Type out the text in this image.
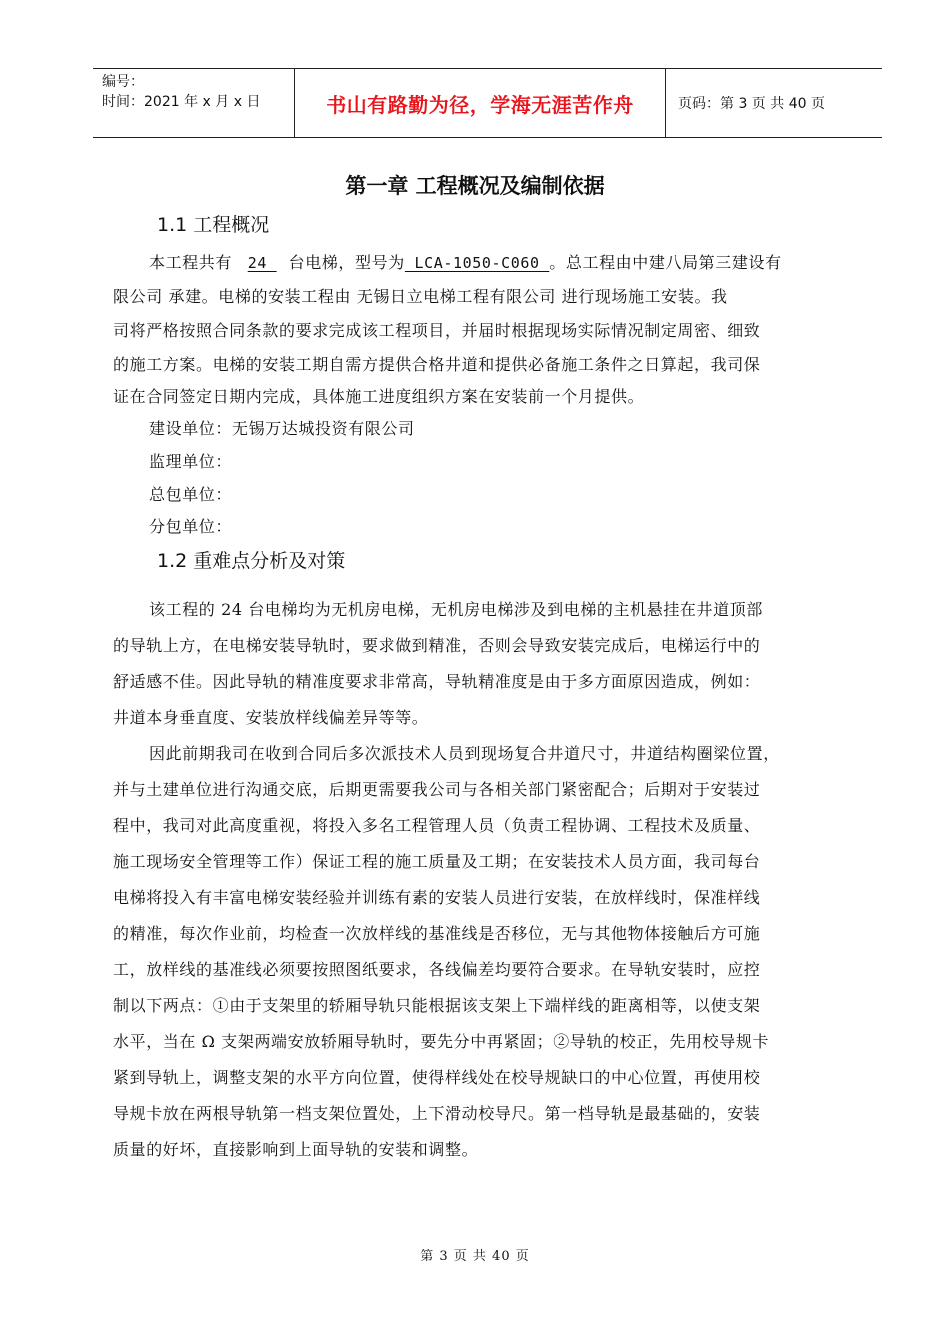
编号：
时间：2021 年 x 月 x 日	书山有路勤为径，学海无涯苦作舟	页码：第 3 页 共 40 页
第一章 工程概况及编制依据
1.1 工程概况
本工程共有 24 台电梯，型号为 LCA-1050-C060 。总工程由中建八局第三建设有
限公司 承建。电梯的安装工程由 无锡日立电梯工程有限公司 进行现场施工安装。我
司将严格按照合同条款的要求完成该工程项目，并届时根据现场实际情况制定周密、细致
的施工方案。电梯的安装工期自需方提供合格井道和提供必备施工条件之日算起，我司保
证在合同签定日期内完成，具体施工进度组织方案在安装前一个月提供。
建设单位：无锡万达城投资有限公司
监理单位：
总包单位：
分包单位：
1.2 重难点分析及对策
该工程的 24 台电梯均为无机房电梯，无机房电梯涉及到电梯的主机悬挂在井道顶部
的导轨上方，在电梯安装导轨时，要求做到精准，否则会导致安装完成后，电梯运行中的
舒适感不佳。因此导轨的精准度要求非常高，导轨精准度是由于多方面原因造成，例如：
井道本身垂直度、安装放样线偏差异等等。
因此前期我司在收到合同后多次派技术人员到现场复合井道尺寸，井道结构圈梁位置，
并与土建单位进行沟通交底，后期更需要我公司与各相关部门紧密配合；后期对于安装过
程中，我司对此高度重视，将投入多名工程管理人员（负责工程协调、工程技术及质量、
施工现场安全管理等工作）保证工程的施工质量及工期；在安装技术人员方面，我司每台
电梯将投入有丰富电梯安装经验并训练有素的安装人员进行安装，在放样线时，保准样线
的精准，每次作业前，均检查一次放样线的基准线是否移位，无与其他物体接触后方可施
工，放样线的基准线必须要按照图纸要求，各线偏差均要符合要求。在导轨安装时，应控
制以下两点：①由于支架里的轿厢导轨只能根据该支架上下端样线的距离相等，以使支架
水平，当在 Ω 支架两端安放轿厢导轨时，要先分中再紧固；②导轨的校正，先用校导规卡
紧到导轨上，调整支架的水平方向位置，使得样线处在校导规缺口的中心位置，再使用校
导规卡放在两根导轨第一档支架位置处，上下滑动校导尺。第一档导轨是最基础的，安装
质量的好坏，直接影响到上面导轨的安装和调整。
第 3 页 共 40 页
